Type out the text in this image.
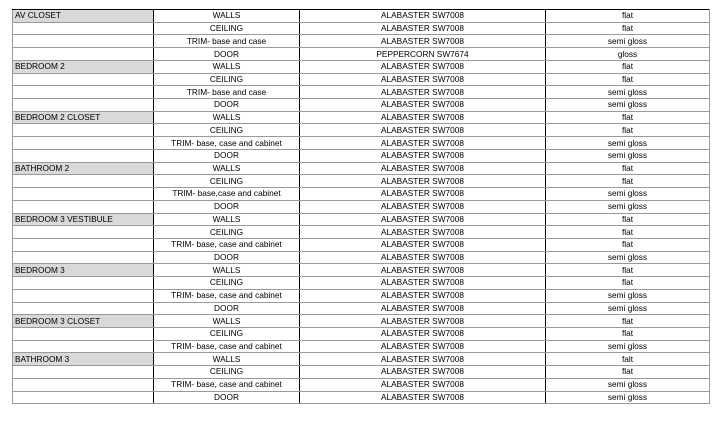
AV CLOSET	WALLS	ALABASTER SW7008	flat
	CEILING	ALABASTER SW7008	flat
	TRIM- base and case	ALABASTER SW7008	semi gloss
	DOOR	PEPPERCORN SW7674	gloss
BEDROOM 2	WALLS	ALABASTER SW7008	flat
	CEILING	ALABASTER SW7008	flat
	TRIM- base and case	ALABASTER SW7008	semi gloss
	DOOR	ALABASTER SW7008	semi gloss
BEDROOM 2 CLOSET	WALLS	ALABASTER SW7008	flat
	CEILING	ALABASTER SW7008	flat
	TRIM- base, case and cabinet	ALABASTER SW7008	semi gloss
	DOOR	ALABASTER SW7008	semi gloss
BATHROOM 2	WALLS	ALABASTER SW7008	flat
	CEILING	ALABASTER SW7008	flat
	TRIM- base,case and cabinet	ALABASTER SW7008	semi gloss
	DOOR	ALABASTER SW7008	semi gloss
BEDROOM 3 VESTIBULE	WALLS	ALABASTER SW7008	flat
	CEILING	ALABASTER SW7008	flat
	TRIM- base, case and cabinet	ALABASTER SW7008	flat
	DOOR	ALABASTER SW7008	semi gloss
BEDROOM 3	WALLS	ALABASTER SW7008	flat
	CEILING	ALABASTER SW7008	flat
	TRIM- base, case and cabinet	ALABASTER SW7008	semi gloss
	DOOR	ALABASTER SW7008	semi gloss
BEDROOM 3 CLOSET	WALLS	ALABASTER SW7008	flat
	CEILING	ALABASTER SW7008	flat
	TRIM- base, case and cabinet	ALABASTER SW7008	semi gloss
BATHROOM 3	WALLS	ALABASTER SW7008	falt
	CEILING	ALABASTER SW7008	flat
	TRIM- base, case and cabinet	ALABASTER SW7008	semi gloss
	DOOR	ALABASTER SW7008	semi gloss
